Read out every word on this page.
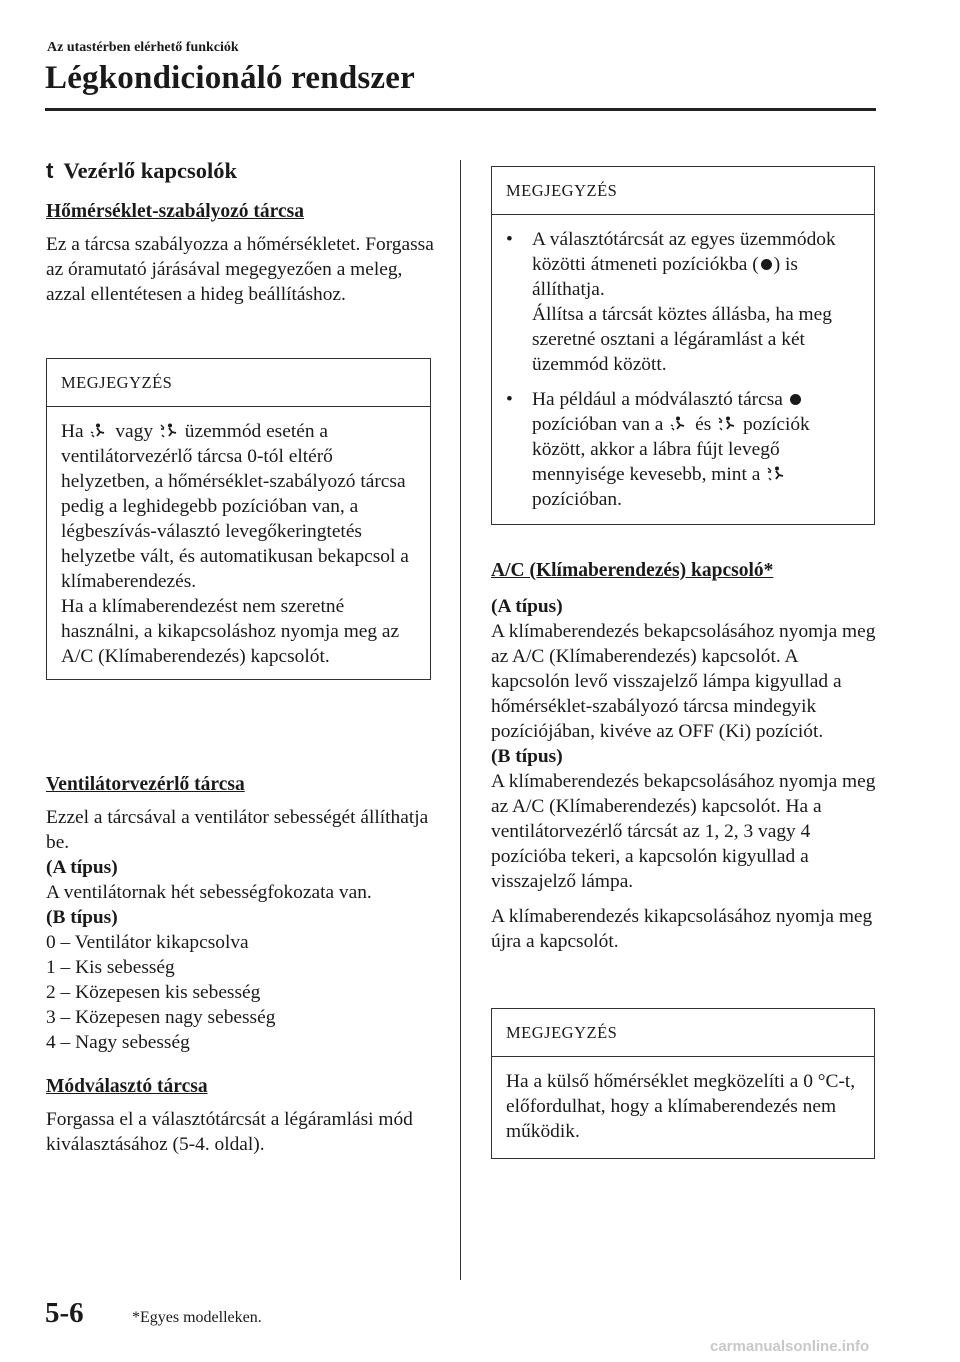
Az utastérben elérhető funkciók
Légkondicionáló rendszer
t Vezérlő kapcsolók

Hőmérséklet-szabályozó tárcsa

Ez a tárcsa szabályozza a hőmérsékletet. Forgassa az óramutató járásával megegyezően a meleg, azzal ellentétesen a hideg beállításhoz.

MEGJEGYZÉS
Ha vagy üzemmód esetén a ventilátorvezérlő tárcsa 0-tól eltérő helyzetben, a hőmérséklet-szabályozó tárcsa pedig a leghidegebb pozícióban van, a légbeszívás-választó levegőkeringtetés helyzetbe vált, és automatikusan bekapcsol a klímaberendezés.
Ha a klímaberendezést nem szeretné használni, a kikapcsoláshoz nyomja meg az A/C (Klímaberendezés) kapcsolót.

Ventilátorvezérlő tárcsa

Ezzel a tárcsával a ventilátor sebességét állíthatja be.

(A típus)

A ventilátornak hét sebességfokozata van.

(B típus)

0 – Ventilátor kikapcsolva

1 – Kis sebesség

2 – Közepesen kis sebesség

3 – Közepesen nagy sebesség

4 – Nagy sebesség

Módválasztó tárcsa

Forgassa el a választótárcsát a légáramlási mód kiválasztásához (5-4. oldal).

MEGJEGYZÉS
• A választótárcsát az egyes üzemmódok közötti átmeneti pozíciókba ( ) is állíthatja.
Állítsa a tárcsát köztes állásba, ha meg szeretné osztani a légáramlást a két üzemmód között.
• Ha például a módválasztó tárcsa  pozícióban van a és pozíciók között, akkor a lábra fújt levegő mennyisége kevesebb, mint a  pozícióban.

A/C (Klímaberendezés) kapcsoló*

(A típus)

A klímaberendezés bekapcsolásához nyomja meg az A/C (Klímaberendezés) kapcsolót. A kapcsolón levő visszajelző lámpa kigyullad a hőmérséklet-szabályozó tárcsa mindegyik pozíciójában, kivéve az OFF (Ki) pozíciót.

(B típus)

A klímaberendezés bekapcsolásához nyomja meg az A/C (Klímaberendezés) kapcsolót. Ha a ventilátorvezérlő tárcsát az 1, 2, 3 vagy 4 pozícióba tekeri, a kapcsolón kigyullad a visszajelző lámpa.

A klímaberendezés kikapcsolásához nyomja meg újra a kapcsolót.

MEGJEGYZÉS
Ha a külső hőmérséklet megközelíti a 0 °C-t, előfordulhat, hogy a klímaberendezés nem működik.
5-6	*Egyes modelleken.
carmanualsonline.info
